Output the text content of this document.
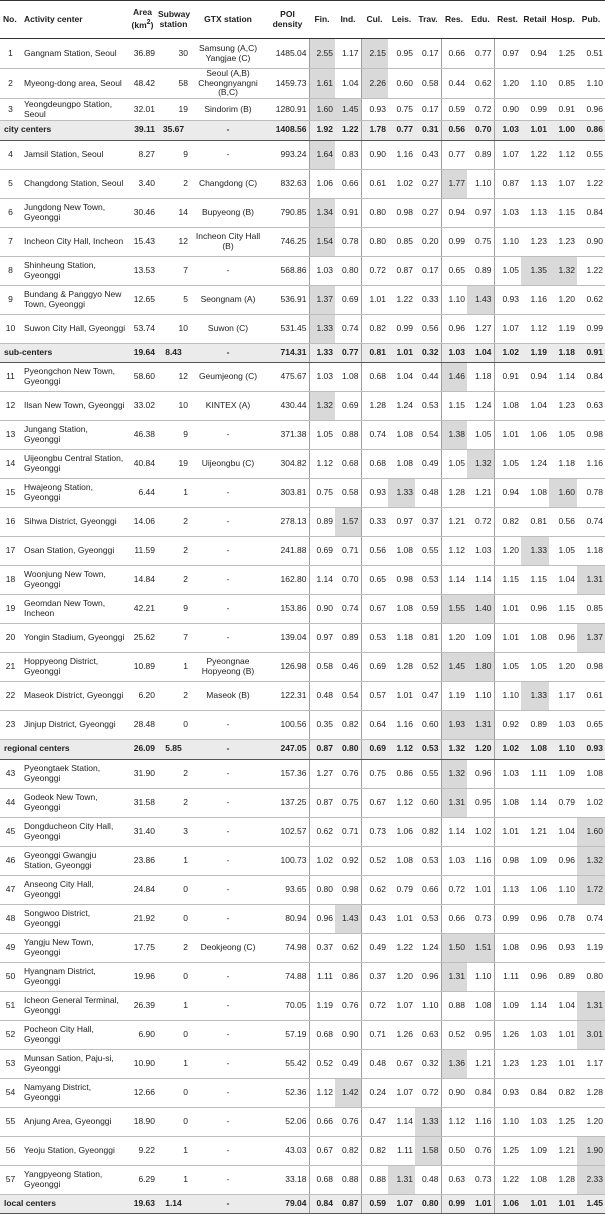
No.	Activity center	Area
$(km^2)$	Subway
station	GTX station	POI
density	Fin.	Ind.	Cul.	Leis.	Trav.	Res.	Edu.	Rest.	Retail	Hosp.	Pub.
1	Gangnam Station, Seoul	36.89	30	Samsung (A,C) Yangjae (C)	1485.04	2.55	1.17	2.15	0.95	0.17	0.66	0.77	0.97	0.94	1.25	0.51
2	Myeong-dong area, Seoul	48.42	58	Seoul (A,B) Cheongnyangni (B,C)	1459.73	1.61	1.04	2.26	0.60	0.58	0.44	0.62	1.20	1.10	0.85	1.10
3	Yeongdeungpo Station, Seoul	32.01	19	Sindorim (B)	1280.91	1.60	1.45	0.93	0.75	0.17	0.59	0.72	0.90	0.99	0.91	0.96
city centers		39.11	35.67	-	1408.56	1.92	1.22	1.78	0.77	0.31	0.56	0.70	1.03	1.01	1.00	0.86
4	Jamsil Station, Seoul	8.27	9	-	993.24	1.64	0.83	0.90	1.16	0.43	0.77	0.89	1.07	1.22	1.12	0.55
5	Changdong Station, Seoul	3.40	2	Changdong (C)	832.63	1.06	0.66	0.61	1.02	0.27	1.77	1.10	0.87	1.13	1.07	1.22
6	Jungdong New Town, Gyeonggi	30.46	14	Bupyeong (B)	790.85	1.34	0.91	0.80	0.98	0.27	0.94	0.97	1.03	1.13	1.15	0.84
7	Incheon City Hall, Incheon	15.43	12	Incheon City Hall (B)	746.25	1.54	0.78	0.80	0.85	0.20	0.99	0.75	1.10	1.23	1.23	0.90
8	Shinheung Station, Gyeonggi	13.53	7	-	568.86	1.03	0.80	0.72	0.87	0.17	0.65	0.89	1.05	1.35	1.32	1.22
9	Bundang & Panggyo New Town, Gyeonggi	12.65	5	Seongnam (A)	536.91	1.37	0.69	1.01	1.22	0.33	1.10	1.43	0.93	1.16	1.20	0.62
10	Suwon City Hall, Gyeonggi	53.74	10	Suwon (C)	531.45	1.33	0.74	0.82	0.99	0.56	0.96	1.27	1.07	1.12	1.19	0.99
sub-centers		19.64	8.43	-	714.31	1.33	0.77	0.81	1.01	0.32	1.03	1.04	1.02	1.19	1.18	0.91
11	Pyeongchon New Town, Gyeonggi	58.60	12	Geumjeong (C)	475.67	1.03	1.08	0.68	1.04	0.44	1.46	1.18	0.91	0.94	1.14	0.84
12	Ilsan New Town, Gyeonggi	33.02	10	KINTEX (A)	430.44	1.32	0.69	1.28	1.24	0.53	1.15	1.24	1.08	1.04	1.23	0.63
13	Jungang Station, Gyeonggi	46.38	9	-	371.38	1.05	0.88	0.74	1.08	0.54	1.38	1.05	1.01	1.06	1.05	0.98
14	Uijeongbu Central Station, Gyeonggi	40.84	19	Uijeongbu (C)	304.82	1.12	0.68	0.68	1.08	0.49	1.05	1.32	1.05	1.24	1.18	1.16
15	Hwajeong Station, Gyeonggi	6.44	1	-	303.81	0.75	0.58	0.93	1.33	0.48	1.28	1.21	0.94	1.08	1.60	0.78
16	Sihwa District, Gyeonggi	14.06	2	-	278.13	0.89	1.57	0.33	0.97	0.37	1.21	0.72	0.82	0.81	0.56	0.74
17	Osan Station, Gyeonggi	11.59	2	-	241.88	0.69	0.71	0.56	1.08	0.55	1.12	1.03	1.20	1.33	1.05	1.18
18	Woonjung New Town, Gyeonggi	14.84	2	-	162.80	1.14	0.70	0.65	0.98	0.53	1.14	1.14	1.15	1.15	1.04	1.31
19	Geomdan New Town, Incheon	42.21	9	-	153.86	0.90	0.74	0.67	1.08	0.59	1.55	1.40	1.01	0.96	1.15	0.85
20	Yongin Stadium, Gyeonggi	25.62	7	-	139.04	0.97	0.89	0.53	1.18	0.81	1.20	1.09	1.01	1.08	0.96	1.37
21	Hoppyeong District, Gyeonggi	10.89	1	Pyeongnae Hopyeong (B)	126.98	0.58	0.46	0.69	1.28	0.52	1.45	1.80	1.05	1.05	1.20	0.98
22	Maseok District, Gyeonggi	6.20	2	Maseok (B)	122.31	0.48	0.54	0.57	1.01	0.47	1.19	1.10	1.10	1.33	1.17	0.61
23	Jinjup District, Gyeonggi	28.48	0	-	100.56	0.35	0.82	0.64	1.16	0.60	1.93	1.31	0.92	0.89	1.03	0.65
regional centers		26.09	5.85	-	247.05	0.87	0.80	0.69	1.12	0.53	1.32	1.20	1.02	1.08	1.10	0.93
43	Pyeongtaek Station, Gyeonggi	31.90	2	-	157.36	1.27	0.76	0.75	0.86	0.55	1.32	0.96	1.03	1.11	1.09	1.08
44	Godeok New Town, Gyeonggi	31.58	2	-	137.25	0.87	0.75	0.67	1.12	0.60	1.31	0.95	1.08	1.14	0.79	1.02
45	Dongducheon City Hall, Gyeonggi	31.40	3	-	102.57	0.62	0.71	0.73	1.06	0.82	1.14	1.02	1.01	1.21	1.04	1.60
46	Gyeonggi Gwangju Station, Gyeonggi	23.86	1	-	100.73	1.02	0.92	0.52	1.08	0.53	1.03	1.16	0.98	1.09	0.96	1.32
47	Anseong City Hall, Gyeonggi	24.84	0	-	93.65	0.80	0.98	0.62	0.79	0.66	0.72	1.01	1.13	1.06	1.10	1.72
48	Songwoo District, Gyeonggi	21.92	0	-	80.94	0.96	1.43	0.43	1.01	0.53	0.66	0.73	0.99	0.96	0.78	0.74
49	Yangju New Town, Gyeonggi	17.75	2	Deokjeong (C)	74.98	0.37	0.62	0.49	1.22	1.24	1.50	1.51	1.08	0.96	0.93	1.19
50	Hyangnam District, Gyeonggi	19.96	0	-	74.88	1.11	0.86	0.37	1.20	0.96	1.31	1.10	1.11	0.96	0.89	0.80
51	Icheon General Terminal, Gyeonggi	26.39	1	-	70.05	1.19	0.76	0.72	1.07	1.10	0.88	1.08	1.09	1.14	1.04	1.31
52	Pocheon City Hall, Gyeonggi	6.90	0	-	57.19	0.68	0.90	0.71	1.26	0.63	0.52	0.95	1.26	1.03	1.01	3.01
53	Munsan Sation, Paju-si, Gyeonggi	10.90	1	-	55.42	0.52	0.49	0.48	0.67	0.32	1.36	1.21	1.23	1.23	1.01	1.17
54	Namyang District, Gyeonggi	12.66	0	-	52.36	1.12	1.42	0.24	1.07	0.72	0.90	0.84	0.93	0.84	0.82	1.28
55	Anjung Area, Gyeonggi	18.90	0	-	52.06	0.66	0.76	0.47	1.14	1.33	1.12	1.16	1.10	1.03	1.25	1.20
56	Yeoju Station, Gyeonggi	9.22	1	-	43.03	0.67	0.82	0.82	1.11	1.58	0.50	0.76	1.25	1.09	1.21	1.90
57	Yangpyeong Station, Gyeonggi	6.29	1	-	33.18	0.68	0.88	0.88	1.31	0.48	0.63	0.73	1.22	1.08	1.28	2.33
local centers		19.63	1.14	-	79.04	0.84	0.87	0.59	1.07	0.80	0.99	1.01	1.06	1.01	1.01	1.45
